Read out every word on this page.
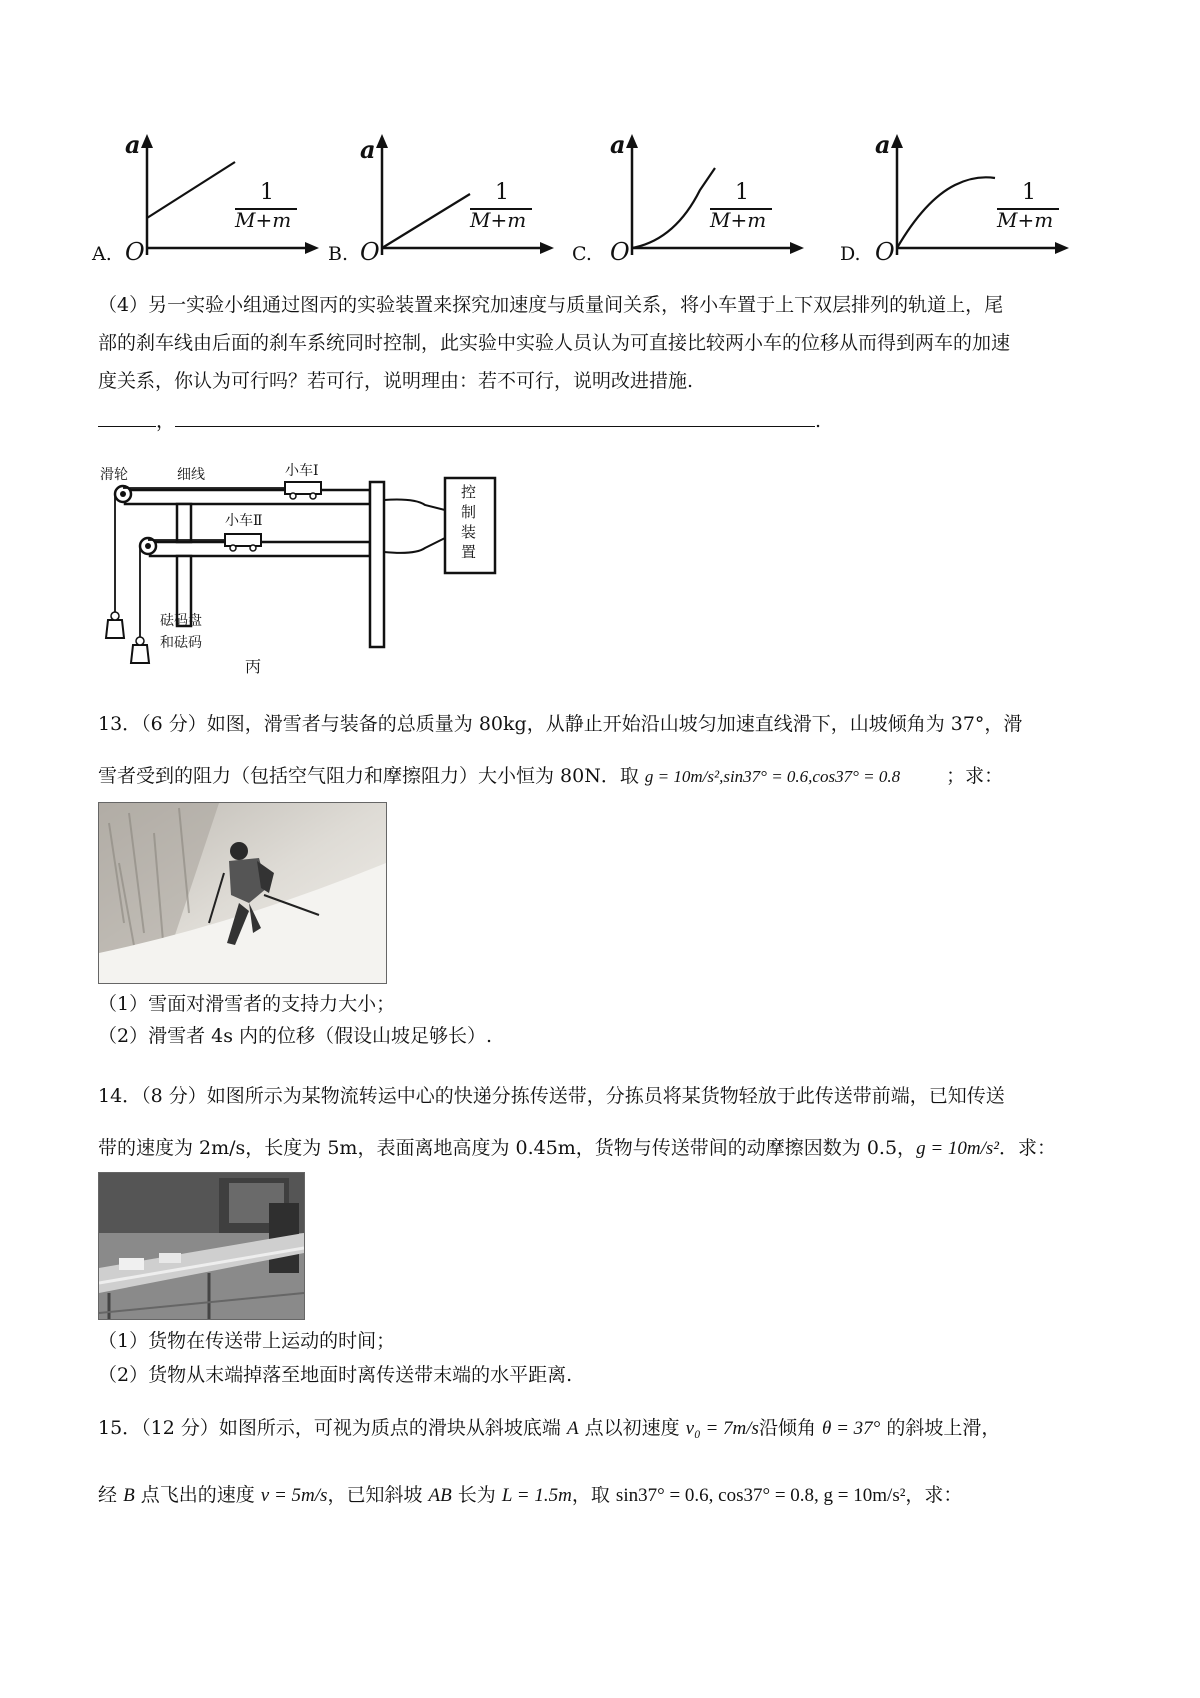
a
O
1
M+m
A.
a
O
1
M+m
B.
a
O
1
M+m
C.
a
O
1
M+m
D.
（4）另一实验小组通过图丙的实验装置来探究加速度与质量间关系，将小车置于上下双层排列的轨道上，尾
部的刹车线由后面的刹车系统同时控制，此实验中实验人员认为可直接比较两小车的位移从而得到两车的加速
度关系，你认为可行吗？若可行，说明理由：若不可行，说明改进措施.
，	.
滑轮	细线	小车Ⅰ
小车Ⅱ
控制装置
砝码盘
和砝码
丙
13．（6 分）如图，滑雪者与装备的总质量为 80kg，从静止开始沿山坡匀加速直线滑下，山坡倾角为 37°，滑
雪者受到的阻力（包括空气阻力和摩擦阻力）大小恒为 80N．取 g = 10m/s²,sin37° = 0.6,cos37° = 0.8 ；求：
（1）雪面对滑雪者的支持力大小；
（2）滑雪者 4s 内的位移（假设山坡足够长）.
14．（8 分）如图所示为某物流转运中心的快递分拣传送带，分拣员将某货物轻放于此传送带前端，已知传送
带的速度为 2m/s，长度为 5m，表面离地高度为 0.45m，货物与传送带间的动摩擦因数为 0.5，g = 10m/s²．求：
（1）货物在传送带上运动的时间；
（2）货物从末端掉落至地面时离传送带末端的水平距离.
15．（12 分）如图所示，可视为质点的滑块从斜坡底端 A 点以初速度 v₀ = 7m/s沿倾角 θ = 37° 的斜坡上滑，
经 B 点飞出的速度 v = 5m/s，已知斜坡 AB 长为 L = 1.5m，取 sin37° = 0.6, cos37° = 0.8, g = 10m/s²，求：
